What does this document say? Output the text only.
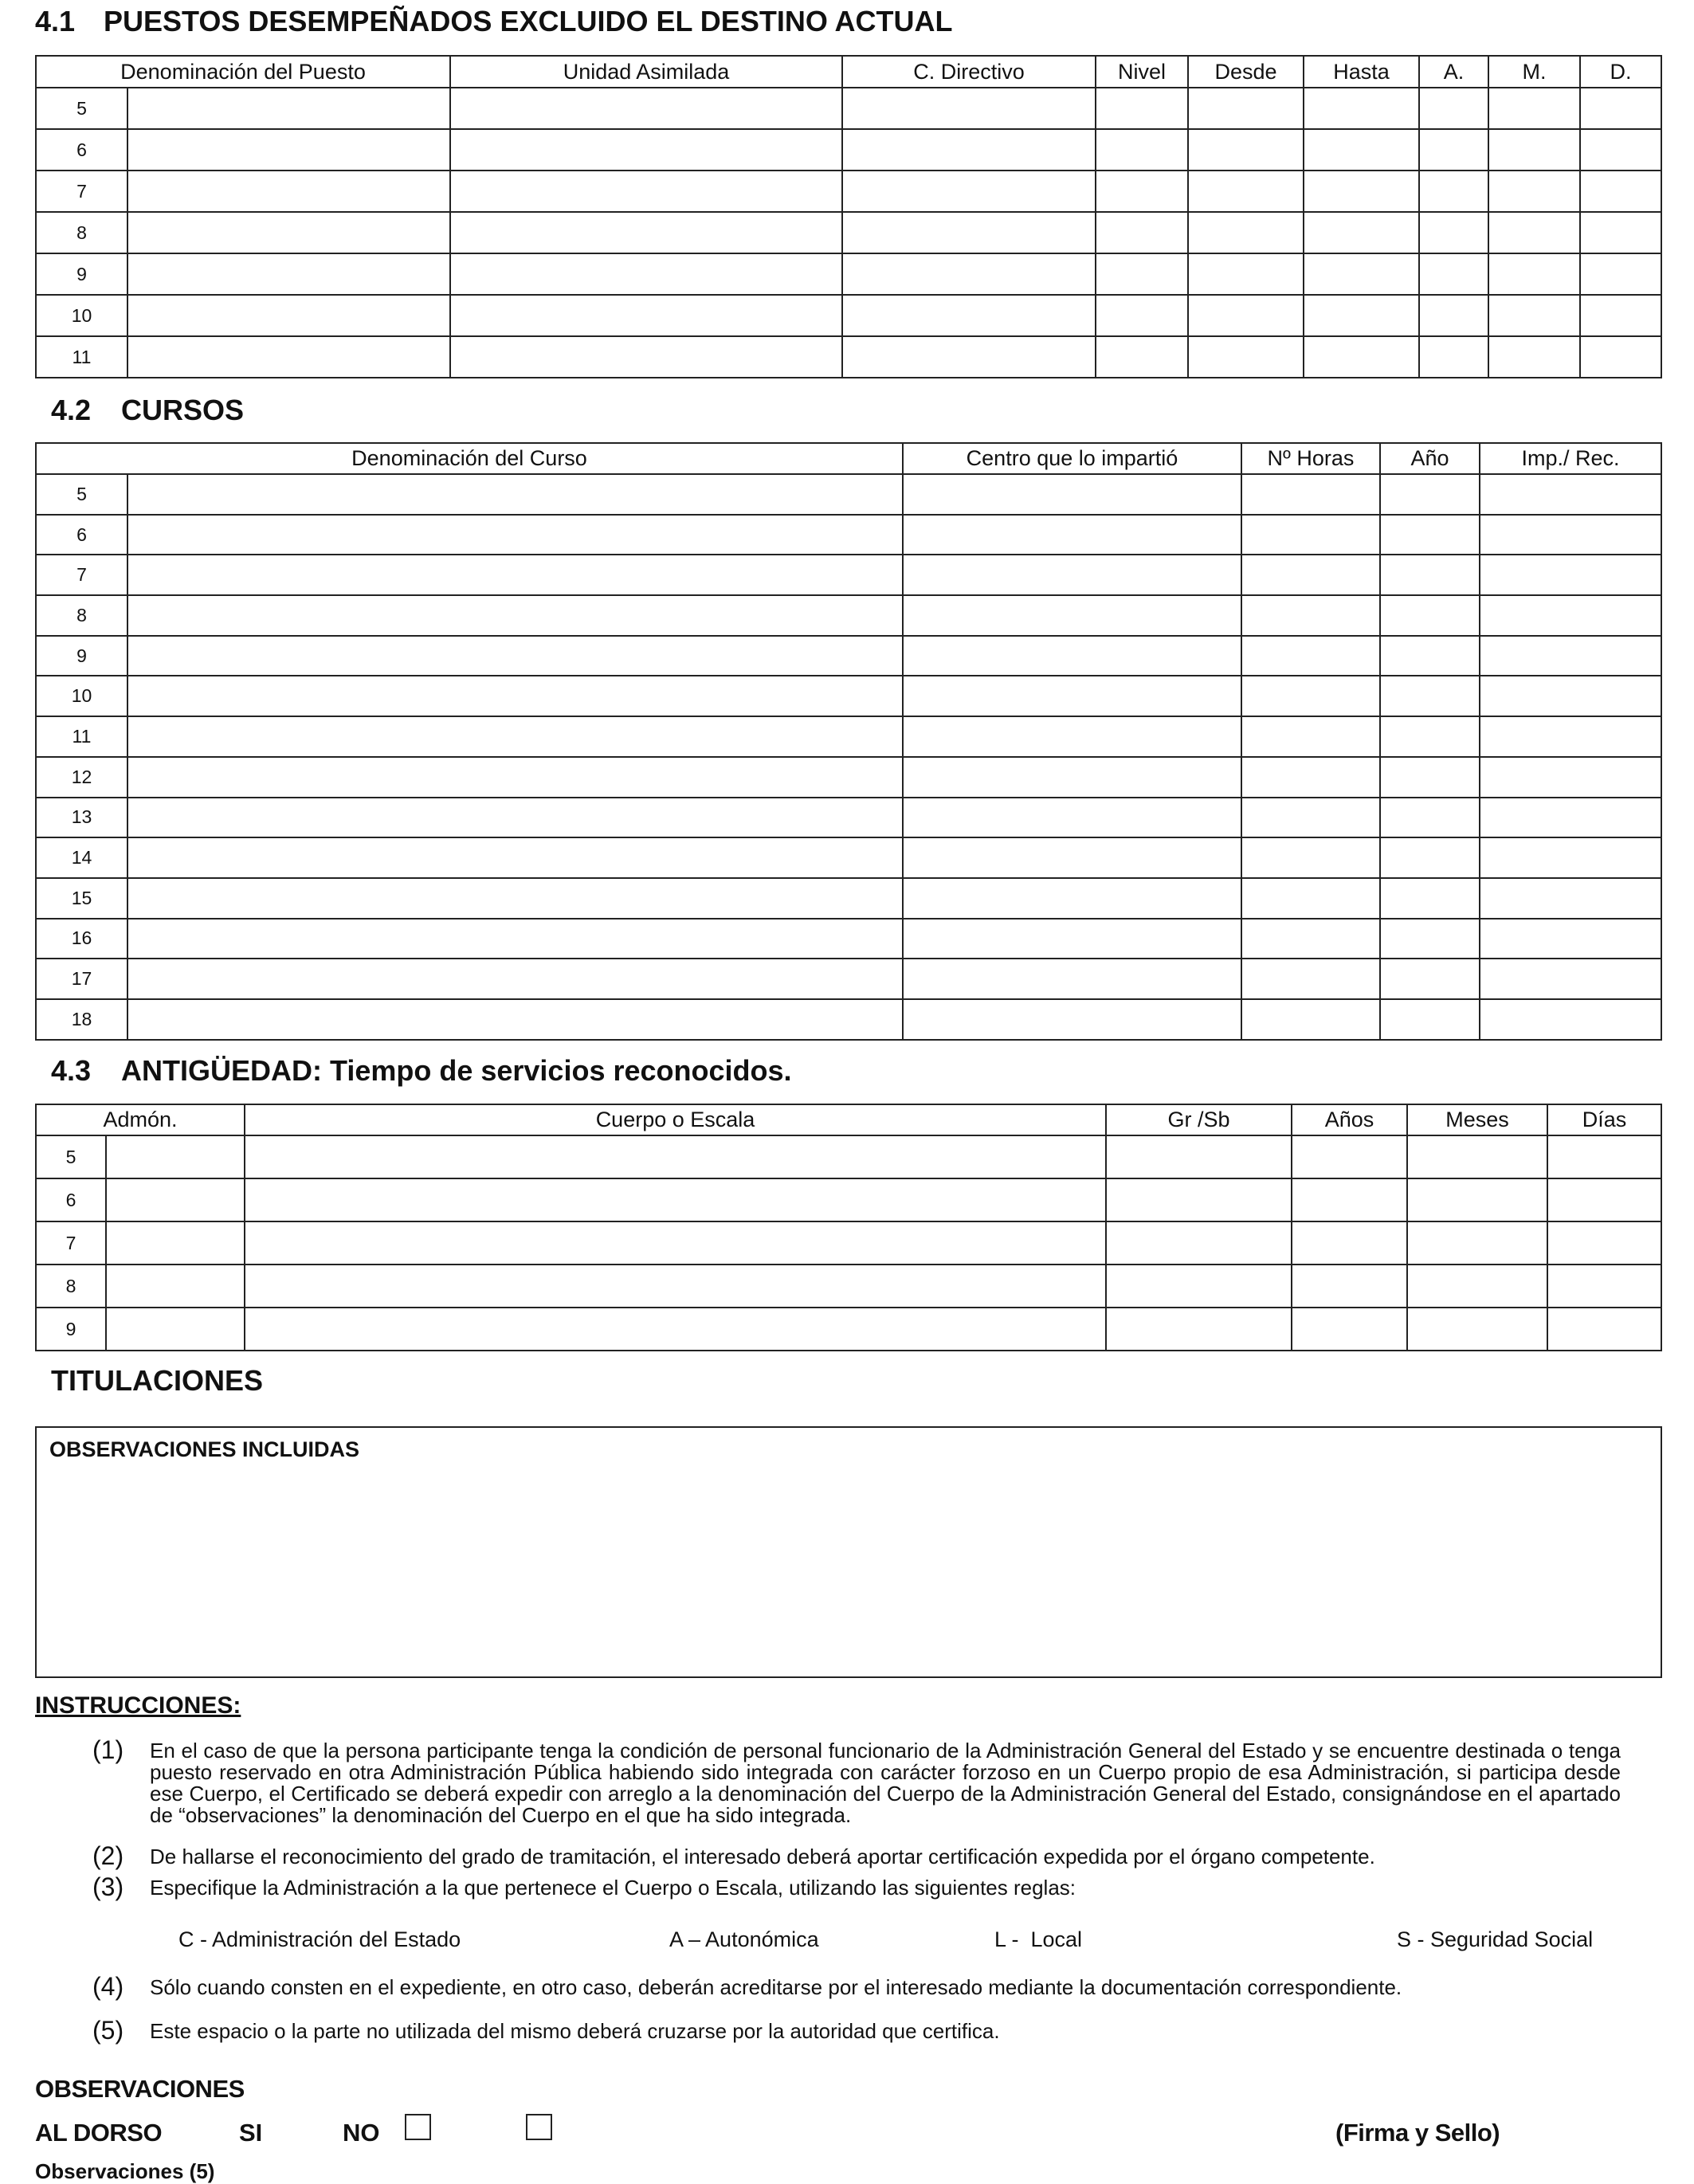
4.1 PUESTOS DESEMPEÑADOS EXCLUIDO EL DESTINO ACTUAL
Denominación del Puesto		Unidad Asimilada	C. Directivo	Nivel	Desde	Hasta	A.	M.	D.
5									
6									
7									
8									
9									
10									
11									
4.2 CURSOS
Denominación del Curso		Centro que lo impartió	Nº Horas	Año	Imp./ Rec.
5					
6					
7					
8					
9					
10					
11					
12					
13					
14					
15					
16					
17					
18					
4.3 ANTIGÜEDAD: Tiempo de servicios reconocidos.
Admón.		Cuerpo o Escala	Gr /Sb	Años	Meses	Días
5						
6						
7						
8						
9						
TITULACIONES
OBSERVACIONES INCLUIDAS
INSTRUCCIONES:
(1) En el caso de que la persona participante tenga la condición de personal funcionario de la Administración General del Estado y se encuentre destinada o tenga puesto reservado en otra Administración Pública habiendo sido integrada con carácter forzoso en un Cuerpo propio de esa Administración, si participa desde ese Cuerpo, el Certificado se deberá expedir con arreglo a la denominación del Cuerpo de la Administración General del Estado, consignándose en el apartado de “observaciones” la denominación del Cuerpo en el que ha sido integrada.
(2) De hallarse el reconocimiento del grado de tramitación, el interesado deberá aportar certificación expedida por el órgano competente.
(3) Especifique la Administración a la que pertenece el Cuerpo o Escala, utilizando las siguientes reglas:
C - Administración del Estado	A – Autonómica	L -  Local	S - Seguridad Social
(4) Sólo cuando consten en el expediente, en otro caso, deberán acreditarse por el interesado mediante la documentación correspondiente.
(5) Este espacio o la parte no utilizada del mismo deberá cruzarse por la autoridad que certifica.
OBSERVACIONES
AL DORSO	SI	NO	(Firma y Sello)
Observaciones (5)
